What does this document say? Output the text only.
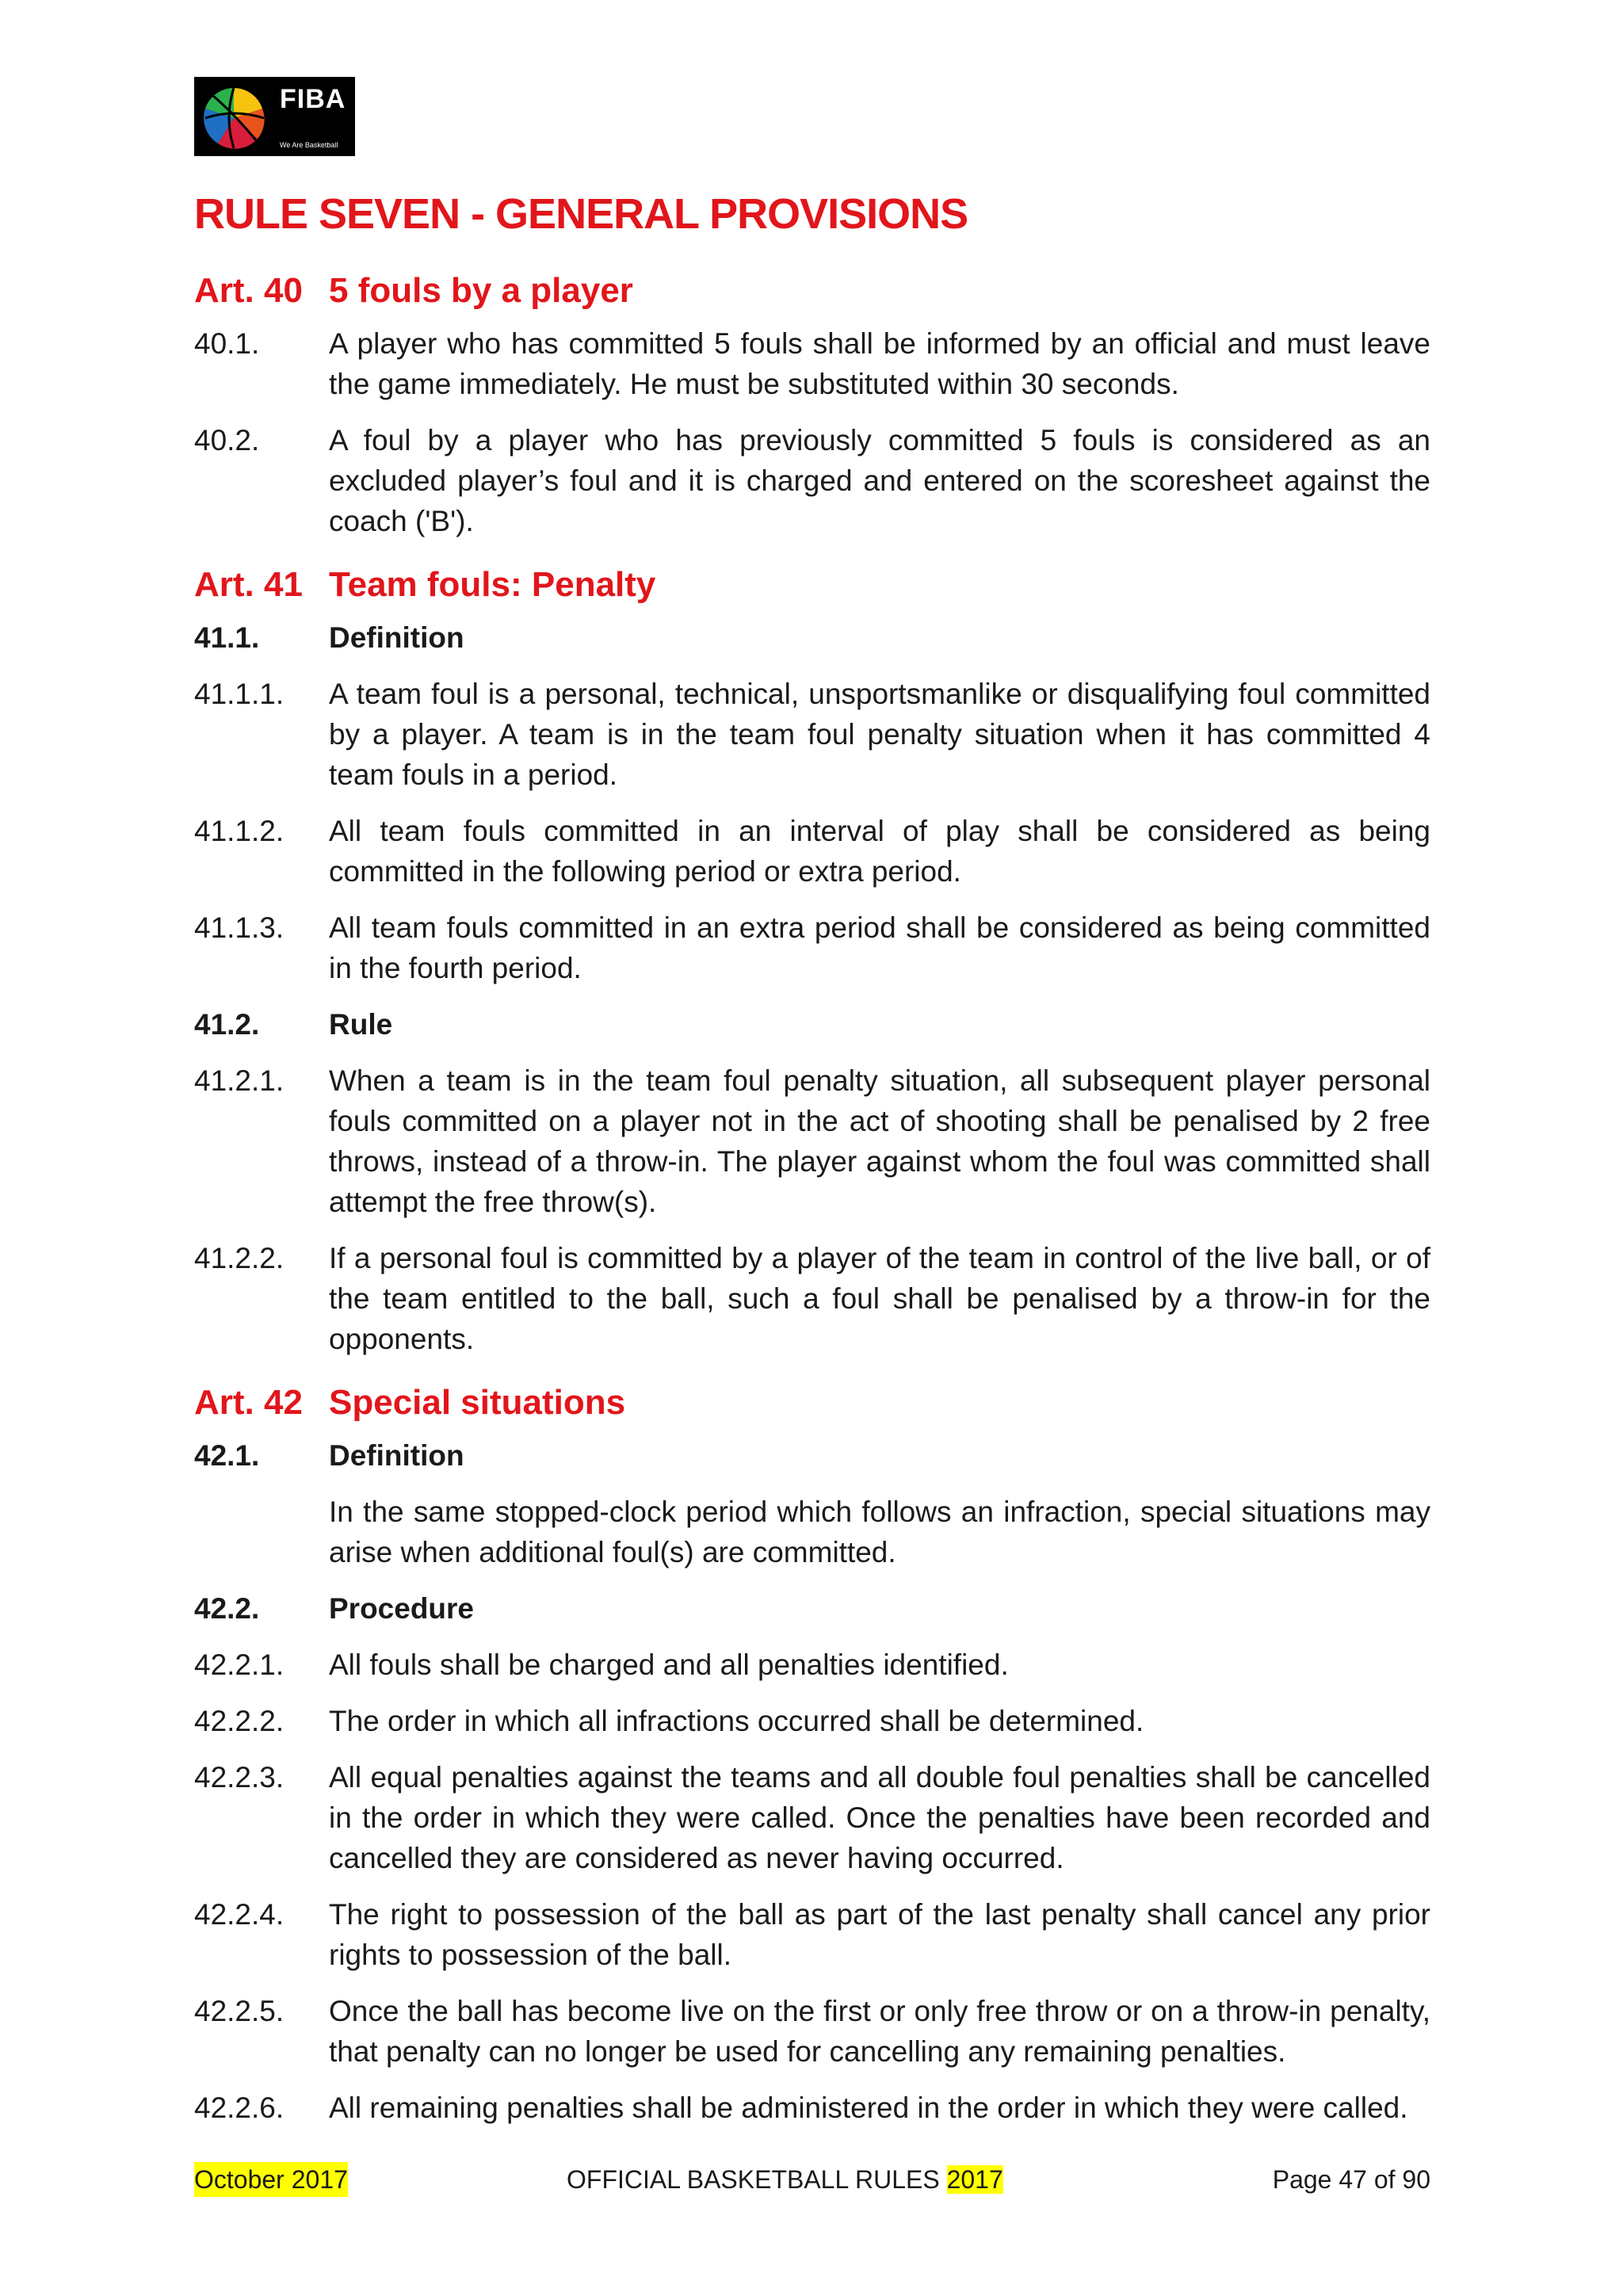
FIBA
We Are Basketball
RULE SEVEN - GENERAL PROVISIONS
Art. 40 5 fouls by a player
40.1.	A player who has committed 5 fouls shall be informed by an official and must leave the game immediately. He must be substituted within 30 seconds.
40.2.	A foul by a player who has previously committed 5 fouls is considered as an excluded player’s foul and it is charged and entered on the scoresheet against the coach ('B').
Art. 41 Team fouls: Penalty
41.1.	Definition
41.1.1.	A team foul is a personal, technical, unsportsmanlike or disqualifying foul committed by a player. A team is in the team foul penalty situation when it has committed 4 team fouls in a period.
41.1.2.	All team fouls committed in an interval of play shall be considered as being committed in the following period or extra period.
41.1.3.	All team fouls committed in an extra period shall be considered as being committed in the fourth period.
41.2.	Rule
41.2.1.	When a team is in the team foul penalty situation, all subsequent player personal fouls committed on a player not in the act of shooting shall be penalised by 2 free throws, instead of a throw-in. The player against whom the foul was committed shall attempt the free throw(s).
41.2.2.	If a personal foul is committed by a player of the team in control of the live ball, or of the team entitled to the ball, such a foul shall be penalised by a throw-in for the opponents.
Art. 42 Special situations
42.1.	Definition
In the same stopped-clock period which follows an infraction, special situations may arise when additional foul(s) are committed.
42.2.	Procedure
42.2.1.	All fouls shall be charged and all penalties identified.
42.2.2.	The order in which all infractions occurred shall be determined.
42.2.3.	All equal penalties against the teams and all double foul penalties shall be cancelled in the order in which they were called. Once the penalties have been recorded and cancelled they are considered as never having occurred.
42.2.4.	The right to possession of the ball as part of the last penalty shall cancel any prior rights to possession of the ball.
42.2.5.	Once the ball has become live on the first or only free throw or on a throw-in penalty, that penalty can no longer be used for cancelling any remaining penalties.
42.2.6.	All remaining penalties shall be administered in the order in which they were called.
October 2017	OFFICIAL BASKETBALL RULES 2017	Page 47 of 90
